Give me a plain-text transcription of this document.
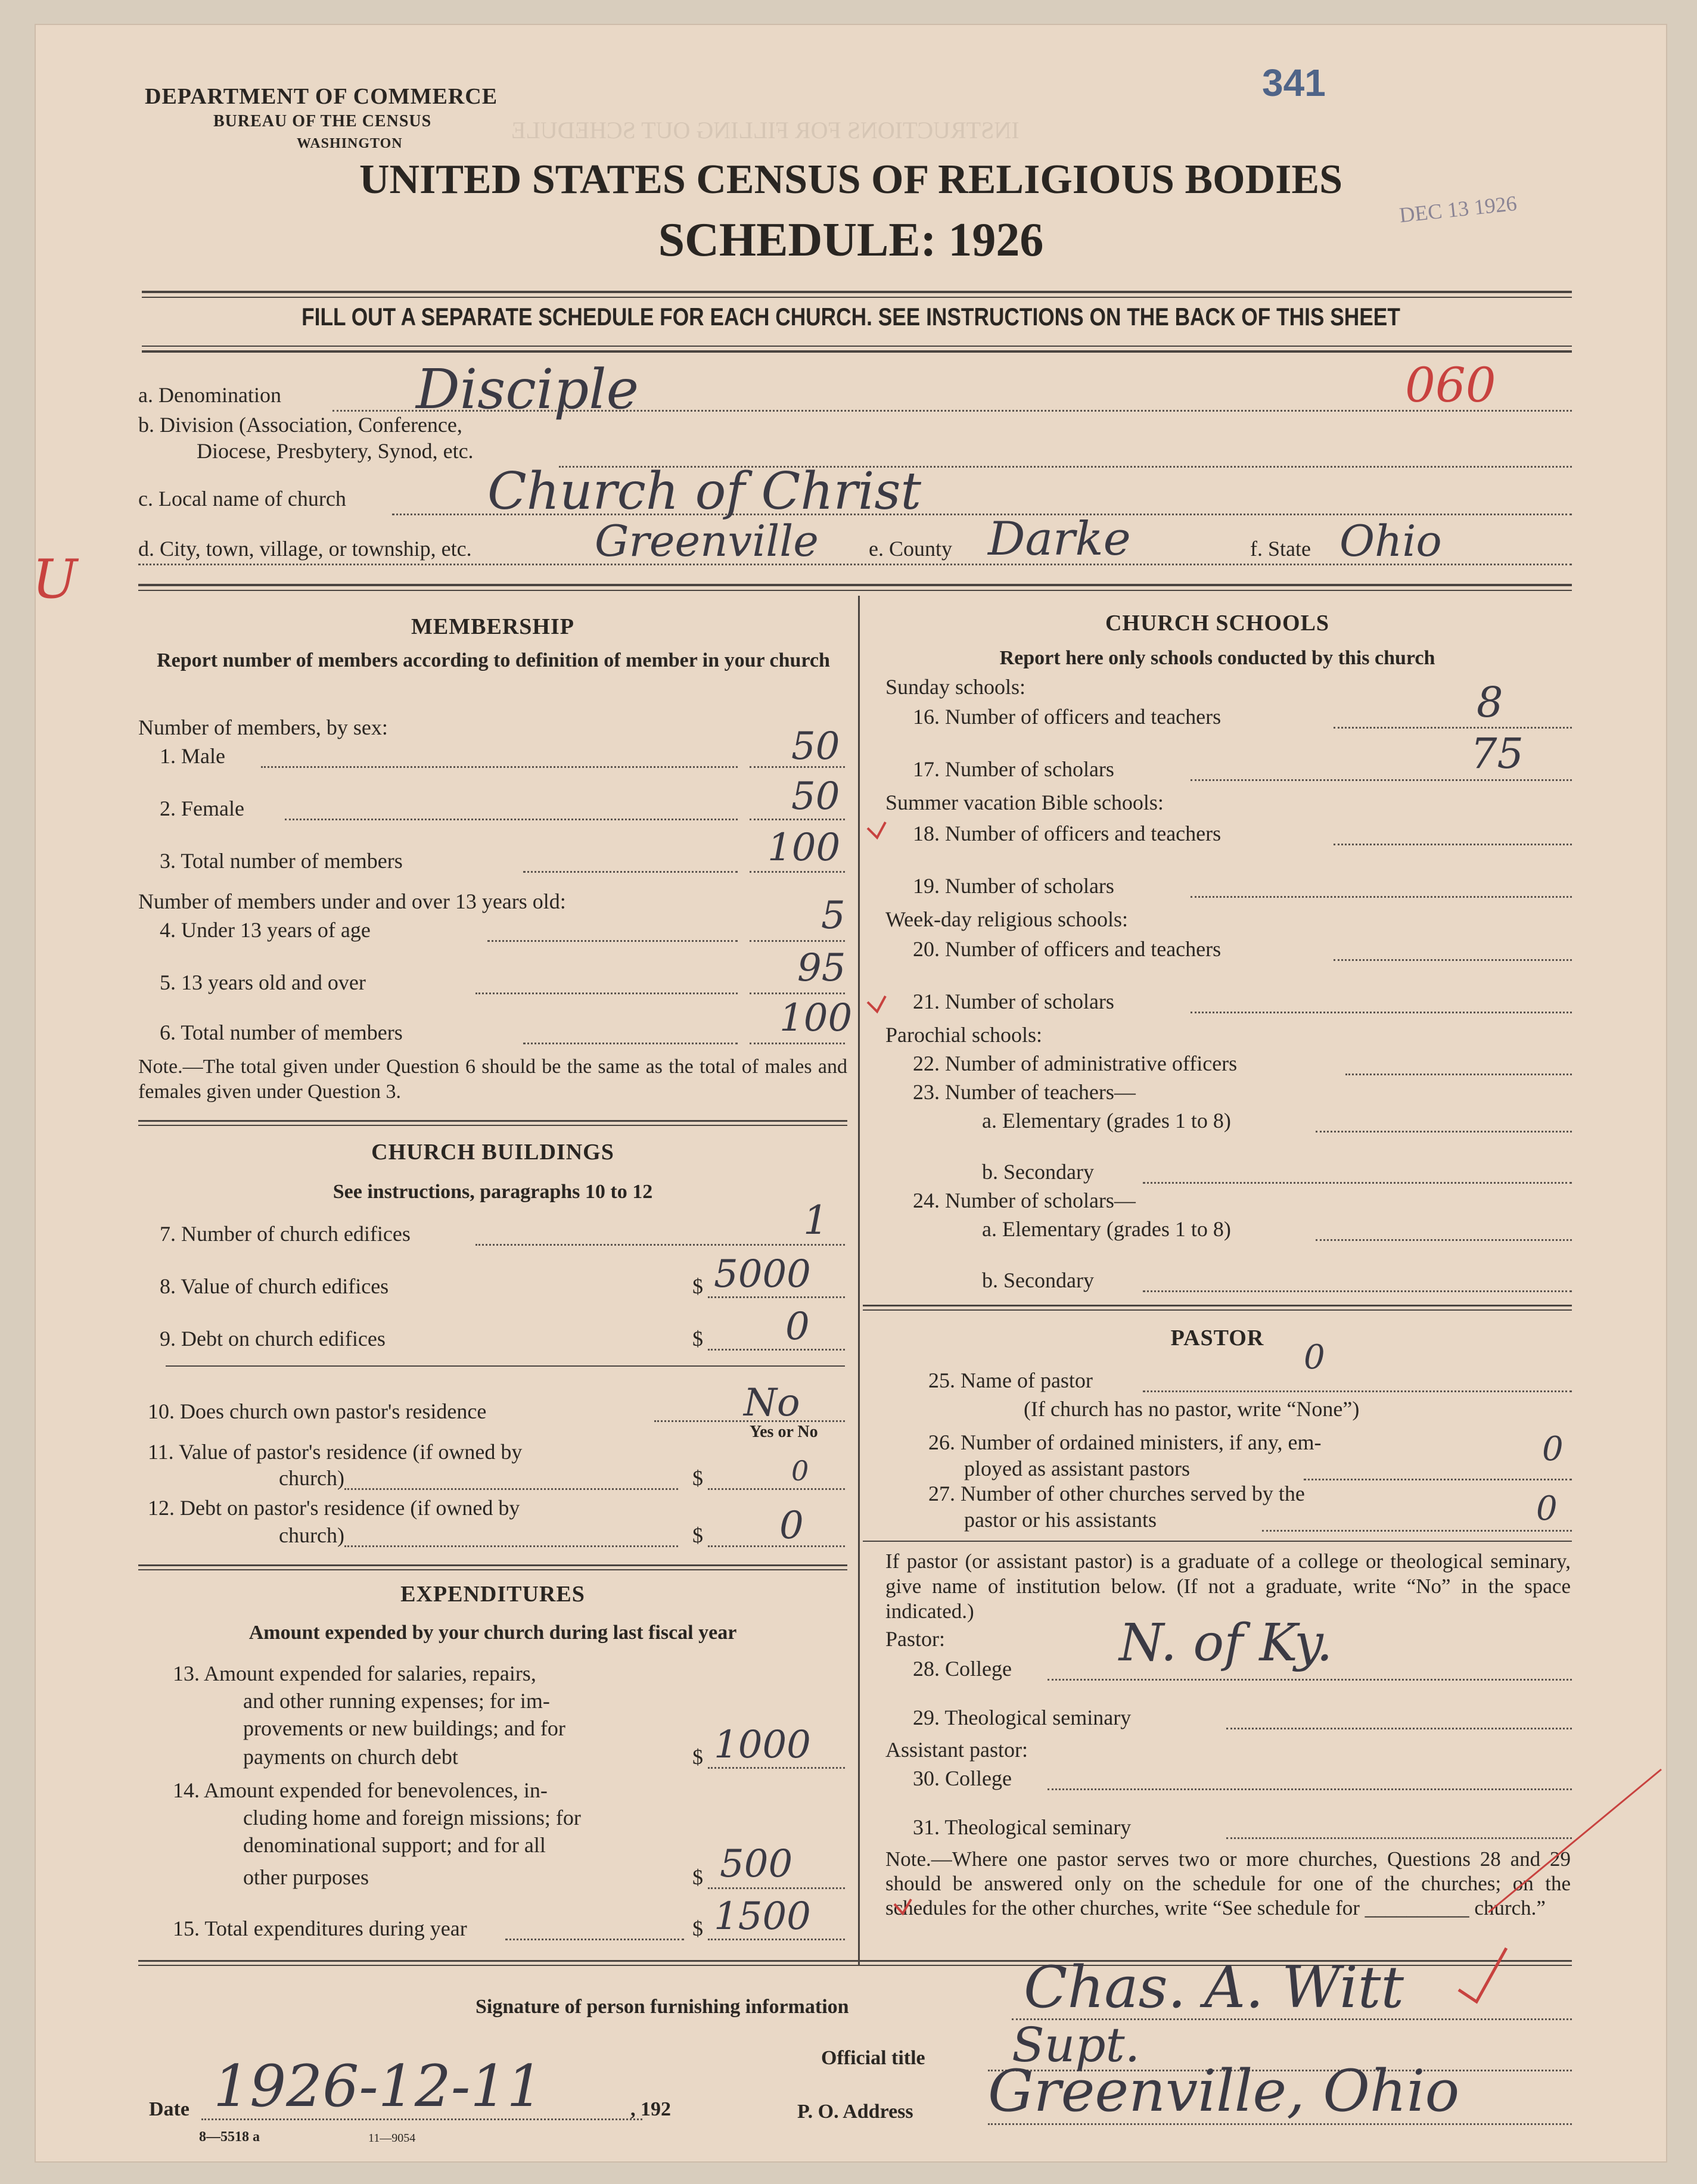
INSTRUCTIONS FOR FILLING OUT SCHEDULE
DEPARTMENT OF COMMERCE
BUREAU OF THE CENSUS
WASHINGTON
UNITED STATES CENSUS OF RELIGIOUS BODIES
SCHEDULE: 1926
341
DEC 13 1926
FILL OUT A SEPARATE SCHEDULE FOR EACH CHURCH. SEE INSTRUCTIONS ON THE BACK OF THIS SHEET
a. Denomination Disciple	060
b. Division (Association, Conference,
Diocese, Presbytery, Synod, etc.
c. Local name of church	Church of Christ
d. City, town, village, or township, etc.	Greenville e. County Darke	f. State Ohio
U
MEMBERSHIP
Report number of members according to definition of member in your church
Number of members, by sex:
1. Male	50
2. Female	50
3. Total number of members	100
Number of members under and over 13 years old:
4. Under 13 years of age	5
5. 13 years old and over	95
6. Total number of members	100
Note.—The total given under Question 6 should be the same as the total of males and females given under Question 3.
CHURCH BUILDINGS
See instructions, paragraphs 10 to 12
7. Number of church edifices	1
8. Value of church edifices	$ 5000
9. Debt on church edifices	$ 0
10. Does church own pastor's residence	No
Yes or No
11. Value of pastor's residence (if owned by
church)	$	0
12. Debt on pastor's residence (if owned by
church)	$ 0
EXPENDITURES
Amount expended by your church during last fiscal year
13. Amount expended for salaries, repairs,
and other running expenses; for im-
provements or new buildings; and for
payments on church debt	$ 1000
14. Amount expended for benevolences, in-
cluding home and foreign missions; for
denominational support; and for all
other purposes	$ 500
15. Total expenditures during year	$ 1500
CHURCH SCHOOLS
Report here only schools conducted by this church
Sunday schools:
16. Number of officers and teachers	8
17. Number of scholars	75
Summer vacation Bible schools:
18. Number of officers and teachers
19. Number of scholars
Week-day religious schools:
20. Number of officers and teachers
21. Number of scholars
Parochial schools:
22. Number of administrative officers
23. Number of teachers—
a. Elementary (grades 1 to 8)
b. Secondary
24. Number of scholars—
a. Elementary (grades 1 to 8)
b. Secondary
PASTOR
25. Name of pastor
0
(If church has no pastor, write “None”)
26. Number of ordained ministers, if any, em-
ployed as assistant pastors	0
27. Number of other churches served by the
pastor or his assistants	0
If pastor (or assistant pastor) is a graduate of a college or theological seminary, give name of institution below. (If not a graduate, write “No” in the space indicated.)
Pastor:
28. College N. of Ky.
29. Theological seminary
Assistant pastor:
30. College
31. Theological seminary
Note.—Where one pastor serves two or more churches, Questions 28 and 29 should be answered only on the schedule for one of the churches; on the schedules for the other churches, write “See schedule for __________ church.”
Signature of person furnishing information	Chas. A. Witt
Official title Supt.
Date 1926-12-11	, 192	P. O. Address Greenville, Ohio
8—5518 a	11—9054
